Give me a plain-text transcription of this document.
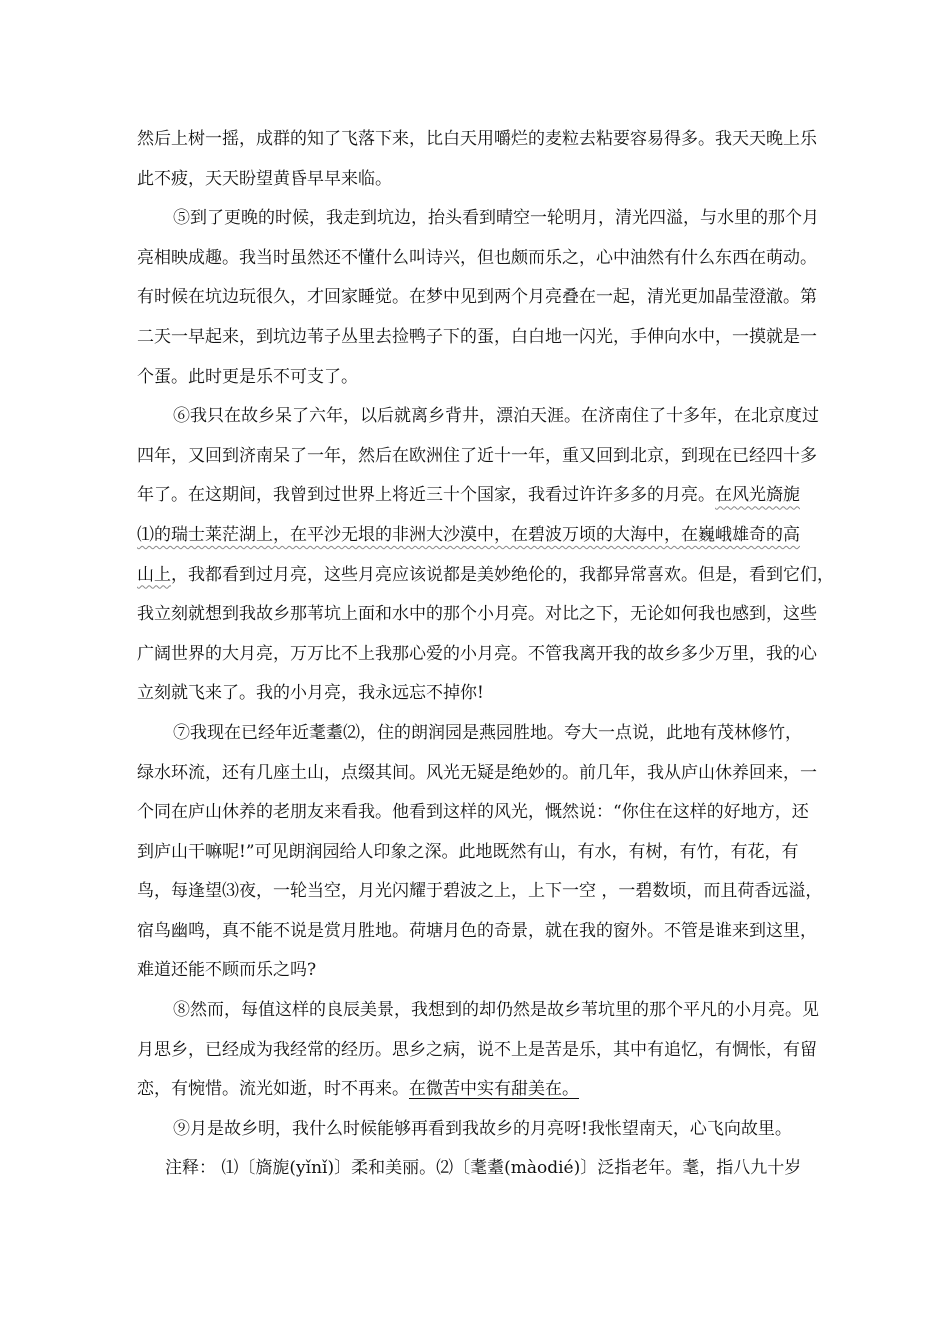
然后上树一摇，成群的知了飞落下来，比白天用嚼烂的麦粒去粘要容易得多。我天天晚上乐
此不疲，天天盼望黄昏早早来临。
⑤到了更晚的时候，我走到坑边，抬头看到晴空一轮明月，清光四溢，与水里的那个月
亮相映成趣。我当时虽然还不懂什么叫诗兴，但也颇而乐之，心中油然有什么东西在萌动。
有时候在坑边玩很久，才回家睡觉。在梦中见到两个月亮叠在一起，清光更加晶莹澄澈。第
二天一早起来，到坑边苇子丛里去捡鸭子下的蛋，白白地一闪光，手伸向水中，一摸就是一
个蛋。此时更是乐不可支了。
⑥我只在故乡呆了六年，以后就离乡背井，漂泊天涯。在济南住了十多年，在北京度过
四年，又回到济南呆了一年，然后在欧洲住了近十一年，重又回到北京，到现在已经四十多
年了。在这期间，我曾到过世界上将近三十个国家，我看过许许多多的月亮。在风光旖旎
⑴的瑞士莱茫湖上，在平沙无垠的非洲大沙漠中，在碧波万顷的大海中，在巍峨雄奇的高
山上，我都看到过月亮，这些月亮应该说都是美妙绝伦的，我都异常喜欢。但是，看到它们，
我立刻就想到我故乡那苇坑上面和水中的那个小月亮。对比之下，无论如何我也感到，这些
广阔世界的大月亮，万万比不上我那心爱的小月亮。不管我离开我的故乡多少万里，我的心
立刻就飞来了。我的小月亮，我永远忘不掉你!
⑦我现在已经年近耄耋⑵，住的朗润园是燕园胜地。夸大一点说，此地有茂林修竹，
绿水环流，还有几座土山，点缀其间。风光无疑是绝妙的。前几年，我从庐山休养回来，一
个同在庐山休养的老朋友来看我。他看到这样的风光，慨然说：“你住在这样的好地方，还
到庐山干嘛呢!”可见朗润园给人印象之深。此地既然有山，有水，有树，有竹，有花，有
鸟，每逢望⑶夜，一轮当空，月光闪耀于碧波之上，上下一空 ，一碧数顷，而且荷香远溢，
宿鸟幽鸣，真不能不说是赏月胜地。荷塘月色的奇景，就在我的窗外。不管是谁来到这里，
难道还能不顾而乐之吗?
⑧然而，每值这样的良辰美景，我想到的却仍然是故乡苇坑里的那个平凡的小月亮。见
月思乡，已经成为我经常的经历。思乡之病，说不上是苦是乐，其中有追忆，有惆怅，有留
恋，有惋惜。流光如逝，时不再来。在微苦中实有甜美在。
⑨月是故乡明，我什么时候能够再看到我故乡的月亮呀!我怅望南天，心飞向故里。
注释： ⑴〔旖旎(yǐnǐ)〕柔和美丽。⑵〔耄耋(màodié)〕泛指老年。耄，指八九十岁
